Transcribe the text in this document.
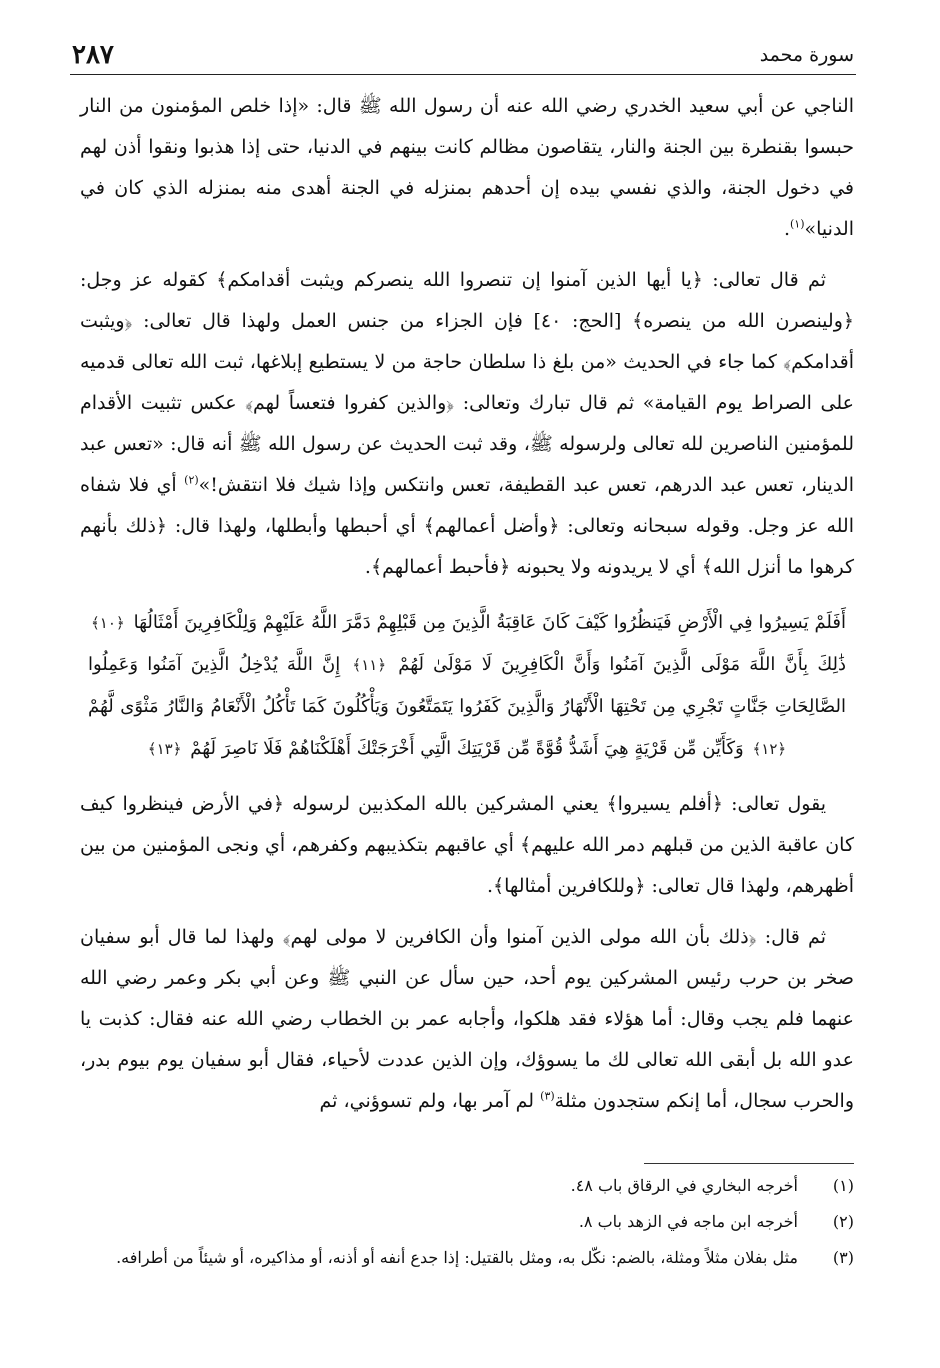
٢٨٧	سورة محمد

الناجي عن أبي سعيد الخدري رضي الله عنه أن رسول الله ﷺ قال: «إذا خلص المؤمنون من النار حبسوا بقنطرة بين الجنة والنار، يتقاصون مظالم كانت بينهم في الدنيا، حتى إذا هذبوا ونقوا أذن لهم في دخول الجنة، والذي نفسي بيده إن أحدهم بمنزله في الجنة أهدى منه بمنزله الذي كان في الدنيا»$^{(١)}$.

ثم قال تعالى: ﴿يا أيها الذين آمنوا إن تنصروا الله ينصركم ويثبت أقدامكم﴾ كقوله عز وجل: ﴿ولينصرن الله من ينصره﴾ [الحج: ٤٠] فإن الجزاء من جنس العمل ولهذا قال تعالى: ﴿ويثبت أقدامكم﴾ كما جاء في الحديث «من بلغ ذا سلطان حاجة من لا يستطيع إبلاغها، ثبت الله تعالى قدميه على الصراط يوم القيامة» ثم قال تبارك وتعالى: ﴿والذين كفروا فتعساً لهم﴾ عكس تثبيت الأقدام للمؤمنين الناصرين لله تعالى ولرسوله ﷺ، وقد ثبت الحديث عن رسول الله ﷺ أنه قال: «تعس عبد الدينار، تعس عبد الدرهم، تعس عبد القطيفة، تعس وانتكس وإذا شيك فلا انتقش!»$^{(٢)}$ أي فلا شفاه الله عز وجل. وقوله سبحانه وتعالى: ﴿وأضل أعمالهم﴾ أي أحبطها وأبطلها، ولهذا قال: ﴿ذلك بأنهم كرهوا ما أنزل الله﴾ أي لا يريدونه ولا يحبونه ﴿فأحبط أعمالهم﴾.

أَفَلَمْ يَسِيرُوا فِي الْأَرْضِ فَيَنظُرُوا كَيْفَ كَانَ عَاقِبَةُ الَّذِينَ مِن قَبْلِهِمْ دَمَّرَ اللَّهُ عَلَيْهِمْ وَلِلْكَافِرِينَ أَمْثَالُهَا ﴿١٠﴾ ذَٰلِكَ بِأَنَّ اللَّهَ مَوْلَى الَّذِينَ آمَنُوا وَأَنَّ الْكَافِرِينَ لَا مَوْلَىٰ لَهُمْ ﴿١١﴾ إِنَّ اللَّهَ يُدْخِلُ الَّذِينَ آمَنُوا وَعَمِلُوا الصَّالِحَاتِ جَنَّاتٍ تَجْرِي مِن تَحْتِهَا الْأَنْهَارُ وَالَّذِينَ كَفَرُوا يَتَمَتَّعُونَ وَيَأْكُلُونَ كَمَا تَأْكُلُ الْأَنْعَامُ وَالنَّارُ مَثْوًى لَّهُمْ ﴿١٢﴾ وَكَأَيِّن مِّن قَرْيَةٍ هِيَ أَشَدُّ قُوَّةً مِّن قَرْيَتِكَ الَّتِي أَخْرَجَتْكَ أَهْلَكْنَاهُمْ فَلَا نَاصِرَ لَهُمْ ﴿١٣﴾

يقول تعالى: ﴿أفلم يسيروا﴾ يعني المشركين بالله المكذبين لرسوله ﴿في الأرض فينظروا كيف كان عاقبة الذين من قبلهم دمر الله عليهم﴾ أي عاقبهم بتكذيبهم وكفرهم، أي ونجى المؤمنين من بين أظهرهم، ولهذا قال تعالى: ﴿وللكافرين أمثالها﴾.

ثم قال: ﴿ذلك بأن الله مولى الذين آمنوا وأن الكافرين لا مولى لهم﴾ ولهذا لما قال أبو سفيان صخر بن حرب رئيس المشركين يوم أحد، حين سأل عن النبي ﷺ وعن أبي بكر وعمر رضي الله عنهما فلم يجب وقال: أما هؤلاء فقد هلكوا، وأجابه عمر بن الخطاب رضي الله عنه فقال: كذبت يا عدو الله بل أبقى الله تعالى لك ما يسوؤك، وإن الذين عددت لأحياء، فقال أبو سفيان يوم بيوم بدر، والحرب سجال، أما إنكم ستجدون مثلة$^{(٣)}$ لم آمر بها، ولم تسوؤني، ثم

(١)
أخرجه البخاري في الرقاق باب ٤٨.
(٢)
أخرجه ابن ماجه في الزهد باب ٨.
(٣)
مثل بفلان مثلاً ومثلة، بالضم: نكّل به، ومثل بالقتيل: إذا جدع أنفه أو أذنه، أو مذاكيره، أو شيئاً من أطرافه.
